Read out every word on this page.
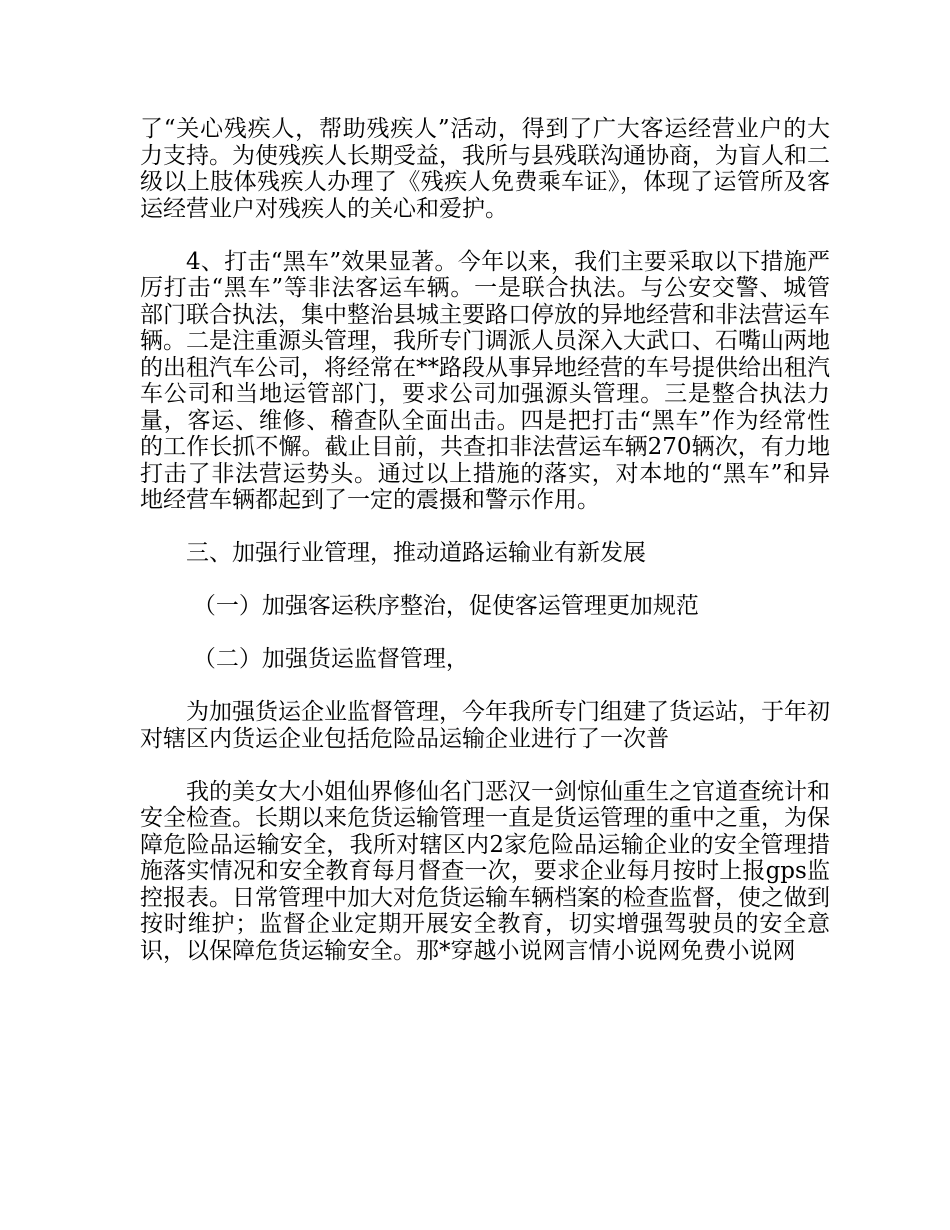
了“关心残疾人，帮助残疾人”活动，得到了广大客运经营业户的大力支持。为使残疾人长期受益，我所与县残联沟通协商，为盲人和二级以上肢体残疾人办理了《残疾人免费乘车证》，体现了运管所及客运经营业户对残疾人的关心和爱护。

4、打击“黑车”效果显著。今年以来，我们主要采取以下措施严厉打击“黑车”等非法客运车辆。一是联合执法。与公安交警、城管部门联合执法，集中整治县城主要路口停放的异地经营和非法营运车辆。二是注重源头管理，我所专门调派人员深入大武口、石嘴山两地的出租汽车公司，将经常在**路段从事异地经营的车号提供给出租汽车公司和当地运管部门，要求公司加强源头管理。三是整合执法力量，客运、维修、稽查队全面出击。四是把打击“黑车”作为经常性的工作长抓不懈。截止目前，共查扣非法营运车辆270辆次，有力地打击了非法营运势头。通过以上措施的落实，对本地的“黑车”和异地经营车辆都起到了一定的震摄和警示作用。

三、加强行业管理，推动道路运输业有新发展

（一）加强客运秩序整治，促使客运管理更加规范

（二）加强货运监督管理，

为加强货运企业监督管理，今年我所专门组建了货运站，于年初对辖区内货运企业包括危险品运输企业进行了一次普

我的美女大小姐仙界修仙名门恶汉一剑惊仙重生之官道查统计和安全检查。长期以来危货运输管理一直是货运管理的重中之重，为保障危险品运输安全，我所对辖区内2家危险品运输企业的安全管理措施落实情况和安全教育每月督查一次，要求企业每月按时上报gps监控报表。日常管理中加大对危货运输车辆档案的检查监督，使之做到按时维护；监督企业定期开展安全教育，切实增强驾驶员的安全意识，以保障危货运输安全。那*穿越小说网言情小说网免费小说网
